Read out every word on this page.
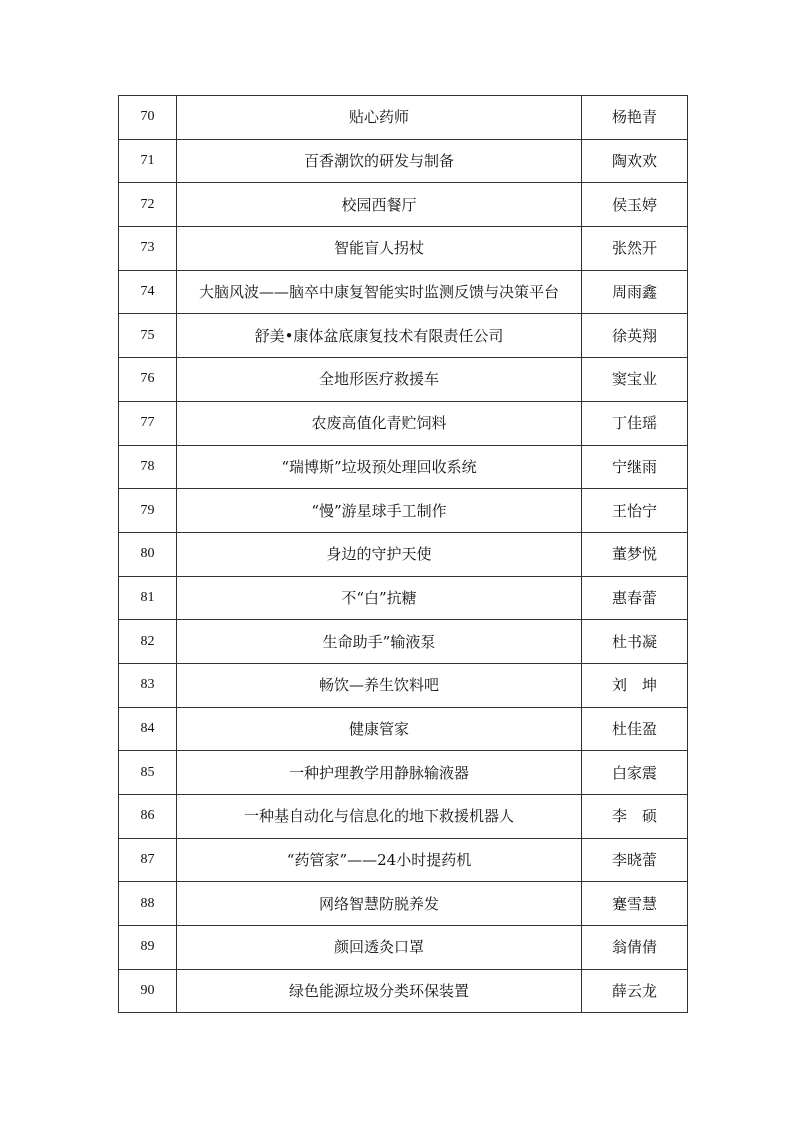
70	贴心药师	杨艳青
71	百香潮饮的研发与制备	陶欢欢
72	校园西餐厅	侯玉婷
73	智能盲人拐杖	张然开
74	大脑风波——脑卒中康复智能实时监测反馈与决策平台	周雨鑫
75	舒美•康体盆底康复技术有限责任公司	徐英翔
76	全地形医疗救援车	窦宝业
77	农废高值化青贮饲料	丁佳瑶
78	“瑞博斯”垃圾预处理回收系统	宁继雨
79	“慢”游星球手工制作	王怡宁
80	身边的守护天使	董梦悦
81	不“白”抗糖	惠春蕾
82	生命助手”输液泵	杜书凝
83	畅饮—养生饮料吧	刘　坤
84	健康管家	杜佳盈
85	一种护理教学用静脉输液器	白家震
86	一种基自动化与信息化的地下救援机器人	李　硕
87	“药管家”——24小时提药机	李晓蕾
88	网络智慧防脱养发	蹇雪慧
89	颜回透灸口罩	翁倩倩
90	绿色能源垃圾分类环保装置	薛云龙
